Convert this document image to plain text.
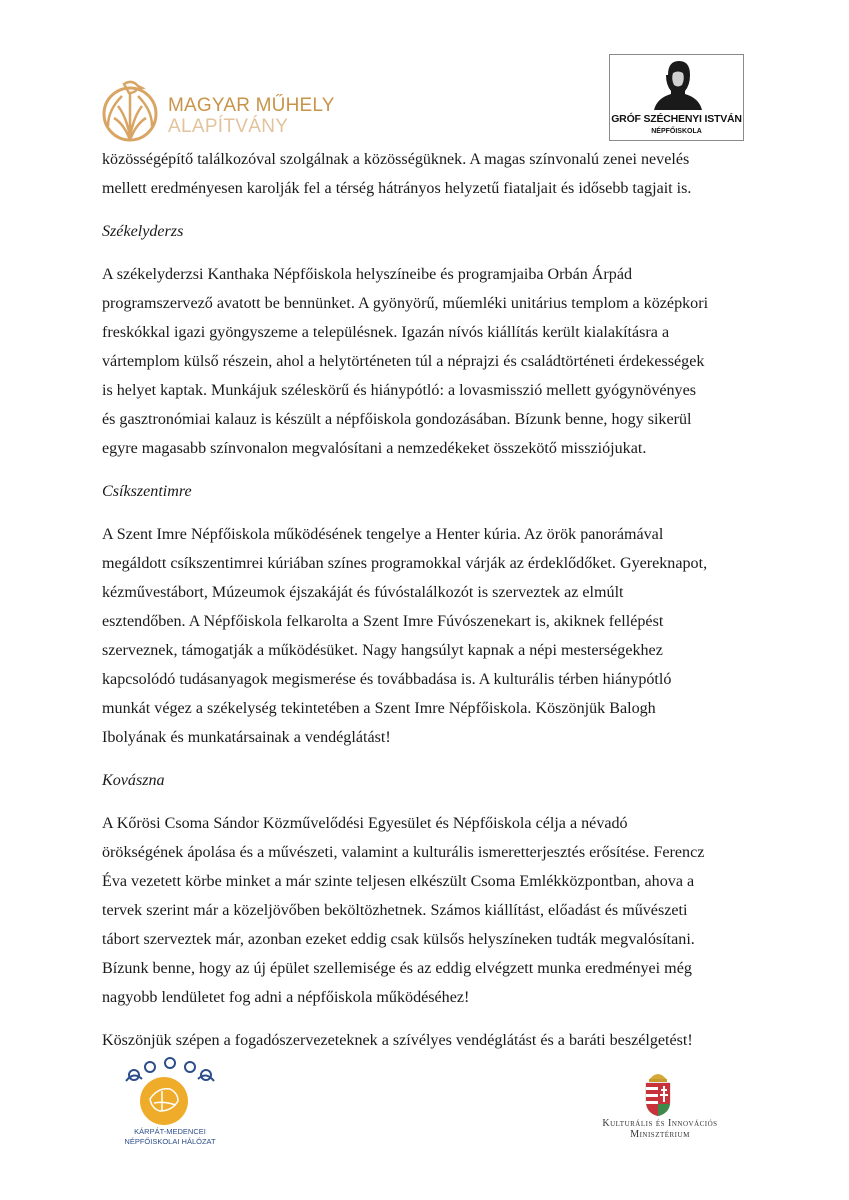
MAGYAR MŰHELY
ALAPÍTVÁNY	GRÓF SZÉCHENYI ISTVÁN
NÉPFŐISKOLA

közösségépítő találkozóval szolgálnak a közösségüknek. A magas színvonalú zenei nevelés

mellett eredményesen karolják fel a térség hátrányos helyzetű fiataljait és idősebb tagjait is.

Székelyderzs

A székelyderzsi Kanthaka Népfőiskola helyszíneibe és programjaiba Orbán Árpád

programszervező avatott be bennünket. A gyönyörű, műemléki unitárius templom a középkori

freskókkal igazi gyöngyszeme a településnek. Igazán nívós kiállítás került kialakításra a

vártemplom külső részein, ahol a helytörténeten túl a néprajzi és családtörténeti érdekességek

is helyet kaptak. Munkájuk széleskörű és hiánypótló: a lovasmisszió mellett gyógynövényes

és gasztronómiai kalauz is készült a népfőiskola gondozásában. Bízunk benne, hogy sikerül

egyre magasabb színvonalon megvalósítani a nemzedékeket összekötő missziójukat.

Csíkszentimre

A Szent Imre Népfőiskola működésének tengelye a Henter kúria. Az örök panorámával

megáldott csíkszentimrei kúriában színes programokkal várják az érdeklődőket. Gyereknapot,

kézművestábort, Múzeumok éjszakáját és fúvóstalálkozót is szerveztek az elmúlt

esztendőben. A Népfőiskola felkarolta a Szent Imre Fúvószenekart is, akiknek fellépést

szerveznek, támogatják a működésüket. Nagy hangsúlyt kapnak a népi mesterségekhez

kapcsolódó tudásanyagok megismerése és továbbadása is. A kulturális térben hiánypótló

munkát végez a székelység tekintetében a Szent Imre Népfőiskola. Köszönjük Balogh

Ibolyának és munkatársainak a vendéglátást!

Kovászna

A Kőrösi Csoma Sándor Közművelődési Egyesület és Népfőiskola célja a névadó

örökségének ápolása és a művészeti, valamint a kulturális ismeretterjesztés erősítése. Ferencz

Éva vezetett körbe minket a már szinte teljesen elkészült Csoma Emlékközpontban, ahova a

tervek szerint már a közeljövőben beköltözhetnek. Számos kiállítást, előadást és művészeti

tábort szerveztek már, azonban ezeket eddig csak külsős helyszíneken tudták megvalósítani.

Bízunk benne, hogy az új épület szellemisége és az eddig elvégzett munka eredményei még

nagyobb lendületet fog adni a népfőiskola működéséhez!

Köszönjük szépen a fogadószervezeteknek a szívélyes vendéglátást és a baráti beszélgetést!

KÁRPÁT-MEDENCEI
NÉPFŐISKOLAI HÁLÓZAT
Kulturális és Innovációs
Minisztérium
